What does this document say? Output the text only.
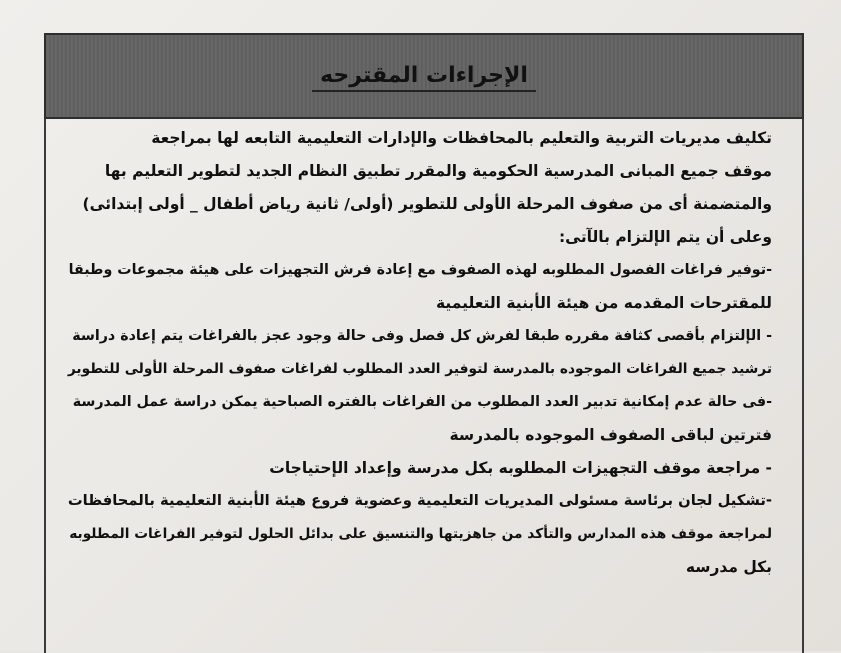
الإجراءات المقترحه
تكليف مديريات التربية والتعليم بالمحافظات والإدارات التعليمية التابعه لها بمراجعة
موقف جميع المبانى المدرسية الحكومية والمقرر تطبيق النظام الجديد لتطوير التعليم بها
والمتضمنة أى من صفوف المرحلة الأولى للتطوير (أولى/ ثانية رياض أطفال _ أولى إبتدائى)
وعلى أن يتم الإلتزام بالآتى:
-توفير فراغات الفصول المطلوبه لهذه الصفوف مع إعادة فرش التجهيزات على هيئة مجموعات وطبقا
للمقترحات المقدمه من هيئة الأبنية التعليمية
- الإلتزام بأقصى كثافة مقرره طبقا لفرش كل فصل وفى حالة وجود عجز بالفراغات يتم إعادة دراسة
ترشيد جميع الفراغات الموجوده بالمدرسة لتوفير العدد المطلوب لفراغات صفوف المرحلة الأولى للتطوير
-فى حالة عدم إمكانية تدبير العدد المطلوب من الفراغات بالفتره الصباحية يمكن دراسة عمل المدرسة
فترتين لباقى الصفوف الموجوده بالمدرسة
- مراجعة موقف التجهيزات المطلوبه بكل مدرسة وإعداد الإحتياجات
-تشكيل لجان برئاسة مسئولى المديريات التعليمية وعضوية فروع هيئة الأبنية التعليمية بالمحافظات
لمراجعة موقف هذه المدارس والتأكد من جاهزيتها والتنسيق على بدائل الحلول لتوفير الفراغات المطلوبه
بكل مدرسه
